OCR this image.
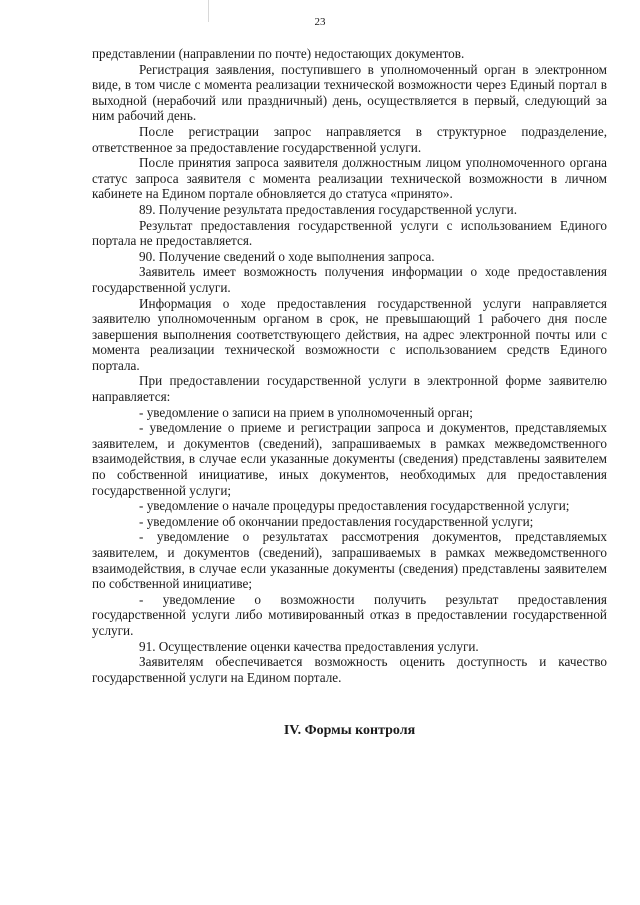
23

представлении (направлении по почте) недостающих документов.

Регистрация заявления, поступившего в уполномоченный орган в электронном виде, в том числе с момента реализации технической возможности через Единый портал в выходной (нерабочий или праздничный) день, осуществляется в первый, следующий за ним рабочий день.

После регистрации запрос направляется в структурное подразделение, ответственное за предоставление государственной услуги.

После принятия запроса заявителя должностным лицом уполномоченного органа статус запроса заявителя с момента реализации технической возможности в личном кабинете на Едином портале обновляется до статуса «принято».

89. Получение результата предоставления государственной услуги.

Результат предоставления государственной услуги с использованием Единого портала не предоставляется.

90. Получение сведений о ходе выполнения запроса.

Заявитель имеет возможность получения информации о ходе предоставления государственной услуги.

Информация о ходе предоставления государственной услуги направляется заявителю уполномоченным органом в срок, не превышающий 1 рабочего дня после завершения выполнения соответствующего действия, на адрес электронной почты или с момента реализации технической возможности с использованием средств Единого портала.

При предоставлении государственной услуги в электронной форме заявителю направляется:

- уведомление о записи на прием в уполномоченный орган;

- уведомление о приеме и регистрации запроса и документов, представляемых заявителем, и документов (сведений), запрашиваемых в рамках межведомственного взаимодействия, в случае если указанные документы (сведения) представлены заявителем по собственной инициативе, иных документов, необходимых для предоставления государственной услуги;

- уведомление о начале процедуры предоставления государственной услуги;

- уведомление об окончании предоставления государственной услуги;

- уведомление о результатах рассмотрения документов, представляемых заявителем, и документов (сведений), запрашиваемых в рамках межведомственного взаимодействия, в случае если указанные документы (сведения) представлены заявителем по собственной инициативе;

- уведомление о возможности получить результат предоставления государственной услуги либо мотивированный отказ в предоставлении государственной услуги.

91. Осуществление оценки качества предоставления услуги.

Заявителям обеспечивается возможность оценить доступность и качество государственной услуги на Едином портале.

IV. Формы контроля
